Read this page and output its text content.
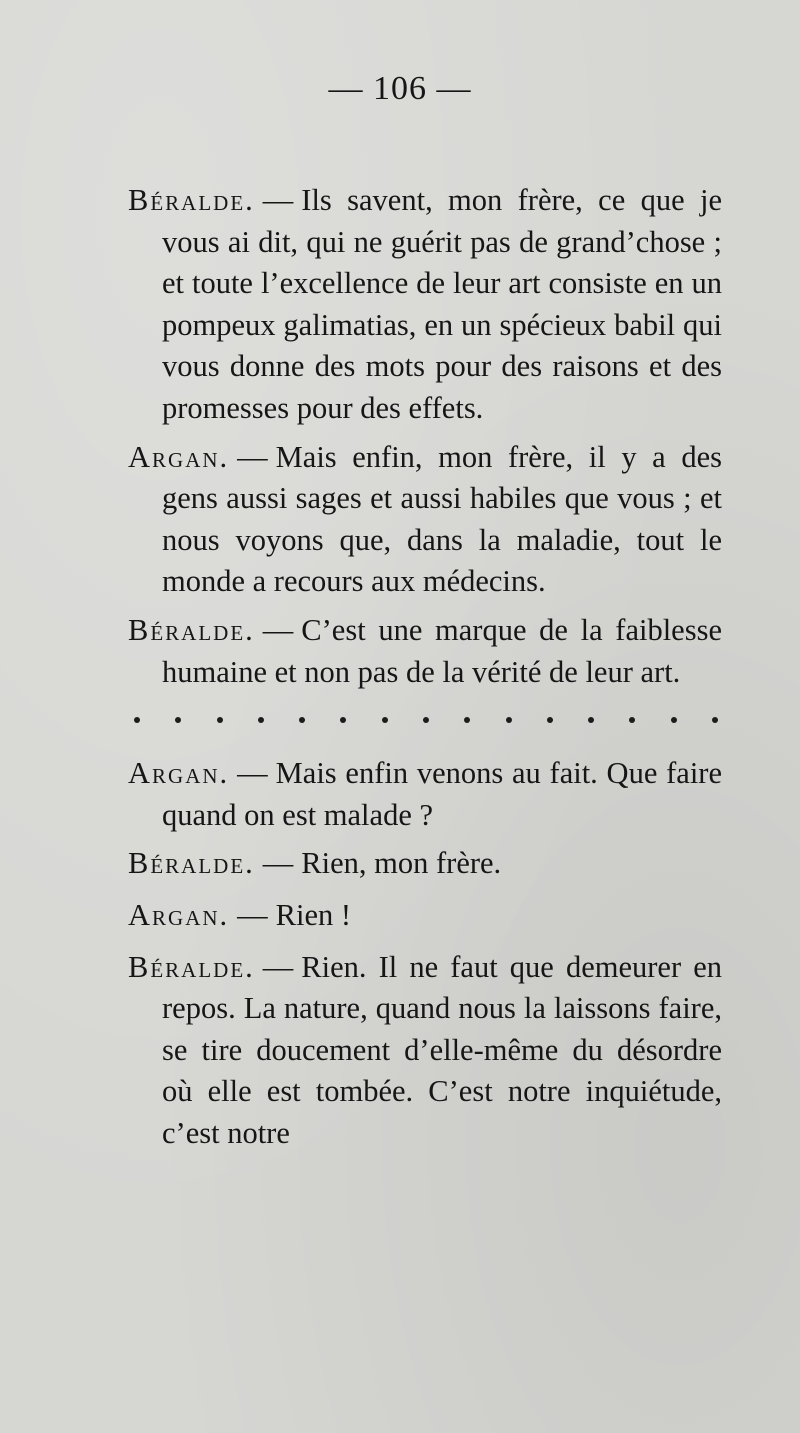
— 106 —

Béralde. — Ils savent, mon frère, ce que je vous ai dit, qui ne guérit pas de grand’chose ; et toute l’excellence de leur art consiste en un pompeux galimatias, en un spécieux babil qui vous donne des mots pour des raisons et des promesses pour des effets.

Argan. — Mais enfin, mon frère, il y a des gens aussi sages et aussi habiles que vous ; et nous voyons que, dans la maladie, tout le monde a recours aux médecins.

Béralde. — C’est une marque de la faiblesse humaine et non pas de la vérité de leur art.

Argan. — Mais enfin venons au fait. Que faire quand on est malade ?

Béralde. — Rien, mon frère.

Argan. — Rien !

Béralde. — Rien. Il ne faut que demeurer en repos. La nature, quand nous la laissons faire, se tire doucement d’elle-même du désordre où elle est tombée. C’est notre inquiétude, c’est notre
